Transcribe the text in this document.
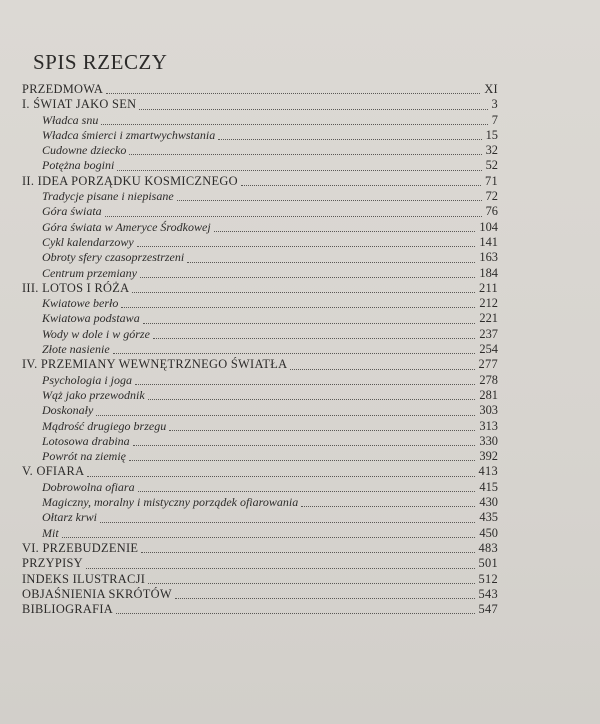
SPIS RZECZY
PRZEDMOWA	XI
I. ŚWIAT JAKO SEN	3
Władca snu	7
Władca śmierci i zmartwychwstania	15
Cudowne dziecko	32
Potężna bogini	52
II. IDEA PORZĄDKU KOSMICZNEGO	71
Tradycje pisane i niepisane	72
Góra świata	76
Góra świata w Ameryce Środkowej	104
Cykl kalendarzowy	141
Obroty sfery czasoprzestrzeni	163
Centrum przemiany	184
III. LOTOS I RÓŻA	211
Kwiatowe berło	212
Kwiatowa podstawa	221
Wody w dole i w górze	237
Złote nasienie	254
IV. PRZEMIANY WEWNĘTRZNEGO ŚWIATŁA	277
Psychologia i joga	278
Wąż jako przewodnik	281
Doskonały	303
Mądrość drugiego brzegu	313
Lotosowa drabina	330
Powrót na ziemię	392
V. OFIARA	413
Dobrowolna ofiara	415
Magiczny, moralny i mistyczny porządek ofiarowania	430
Ołtarz krwi	435
Mit	450
VI. PRZEBUDZENIE	483
PRZYPISY	501
INDEKS ILUSTRACJI	512
OBJAŚNIENIA SKRÓTÓW	543
BIBLIOGRAFIA	547
